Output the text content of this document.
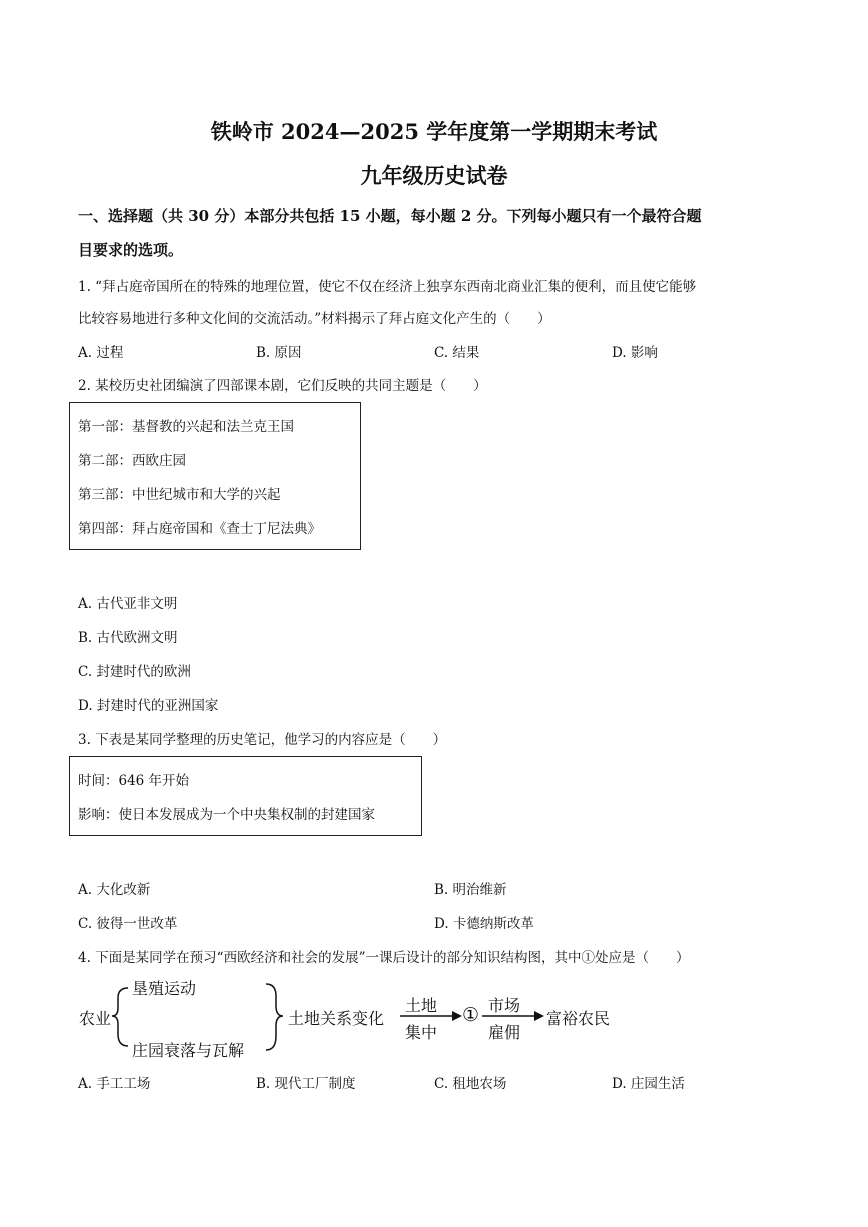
铁岭市 2024—2025 学年度第一学期期末考试
九年级历史试卷
一、选择题（共 30 分）本部分共包括 15 小题，每小题 2 分。下列每小题只有一个最符合题
目要求的选项。
1. “拜占庭帝国所在的特殊的地理位置，使它不仅在经济上独享东西南北商业汇集的便利，而且使它能够
比较容易地进行多种文化间的交流活动。”材料揭示了拜占庭文化产生的（　　）
A. 过程	B. 原因	C. 结果	D. 影响
2. 某校历史社团编演了四部课本剧，它们反映的共同主题是（　　）
第一部：基督教的兴起和法兰克王国
第二部：西欧庄园
第三部：中世纪城市和大学的兴起
第四部：拜占庭帝国和《查士丁尼法典》
A. 古代亚非文明
B. 古代欧洲文明
C. 封建时代的欧洲
D. 封建时代的亚洲国家
3. 下表是某同学整理的历史笔记，他学习的内容应是（　　）
时间：646 年开始
影响：使日本发展成为一个中央集权制的封建国家
A. 大化改新	B. 明治维新
C. 彼得一世改革	D. 卡德纳斯改革
4. 下面是某同学在预习“西欧经济和社会的发展”一课后设计的部分知识结构图，其中①处应是（　　）
农业
垦殖运动
庄园衰落与瓦解
土地关系变化
土地
集中
① 市场
雇佣
富裕农民
A. 手工工场	B. 现代工厂制度	C. 租地农场	D. 庄园生活
